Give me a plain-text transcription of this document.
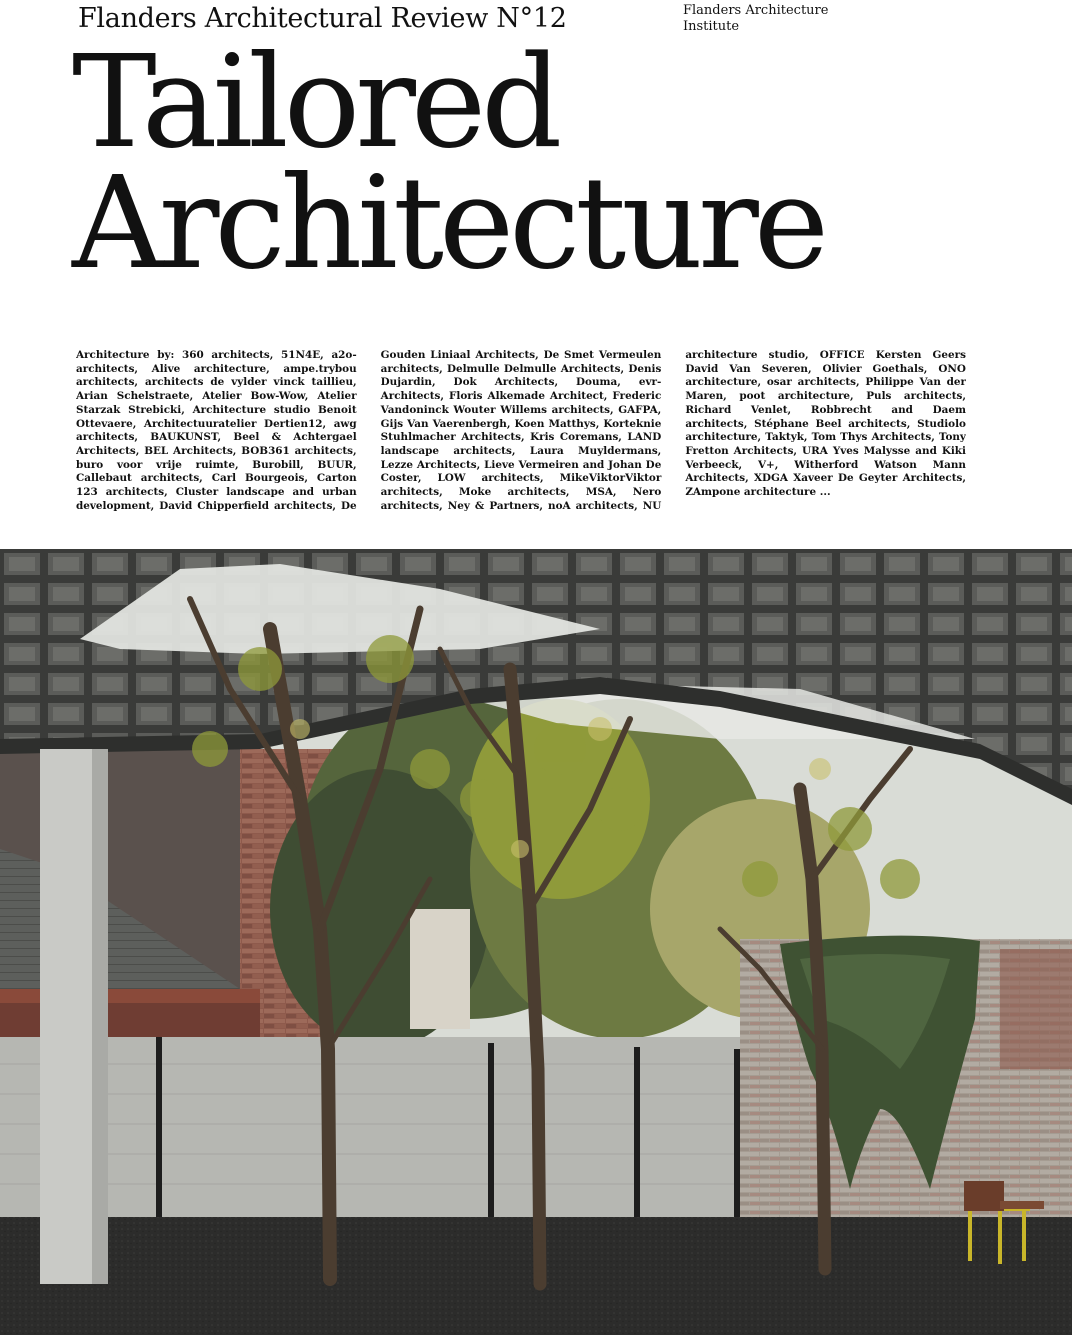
Flanders Architectural Review N°12	Flanders Architecture
Institute
Tailored
Architecture
Architecture by: 360 architects, 51N4E, a2o-architects, Alive architecture, ampe.trybou architects, architects de vylder vinck taillieu, Arian Schelstraete, Atelier Bow-Wow, Atelier Starzak Strebicki, Architecture studio Benoit Ottevaere, Architectuuratelier Dertien12, awg architects, BAUKUNST, Beel & Achtergael Architects, BEL Architects, BOB361 architects, buro voor vrije ruimte, Burobill, BUUR, Callebaut architects, Carl Bourgeois, Carton 123 architects, Cluster landscape and urban development, David Chipperfield architects, De Gouden Liniaal Architects, De Smet Vermeulen architects, Delmulle Delmulle Architects, Denis Dujardin, Dok Architects, Douma, evr-Architects, Floris Alkemade Architect, Frederic Vandoninck Wouter Willems architects, GAFPA, Gijs Van Vaerenbergh, Koen Matthys, Korteknie Stuhlmacher Architects, Kris Coremans, LAND landscape architects, Laura Muyldermans, Lezze Architects, Lieve Vermeiren and Johan De Coster, LOW architects, MikeViktorViktor architects, Moke architects, MSA, Nero architects, Ney & Partners, noA architects, NU architecture studio, OFFICE Kersten Geers David Van Severen, Olivier Goethals, ONO architecture, osar architects, Philippe Van der Maren, poot architecture, Puls architects, Richard Venlet, Robbrecht and Daem architects, Stéphane Beel architects, Studiolo architecture, Taktyk, Tom Thys Architects, Tony Fretton Architects, URA Yves Malysse and Kiki Verbeeck, V+, Witherford Watson Mann Architects, XDGA Xaveer De Geyter Architects, ZAmpone architecture ...
